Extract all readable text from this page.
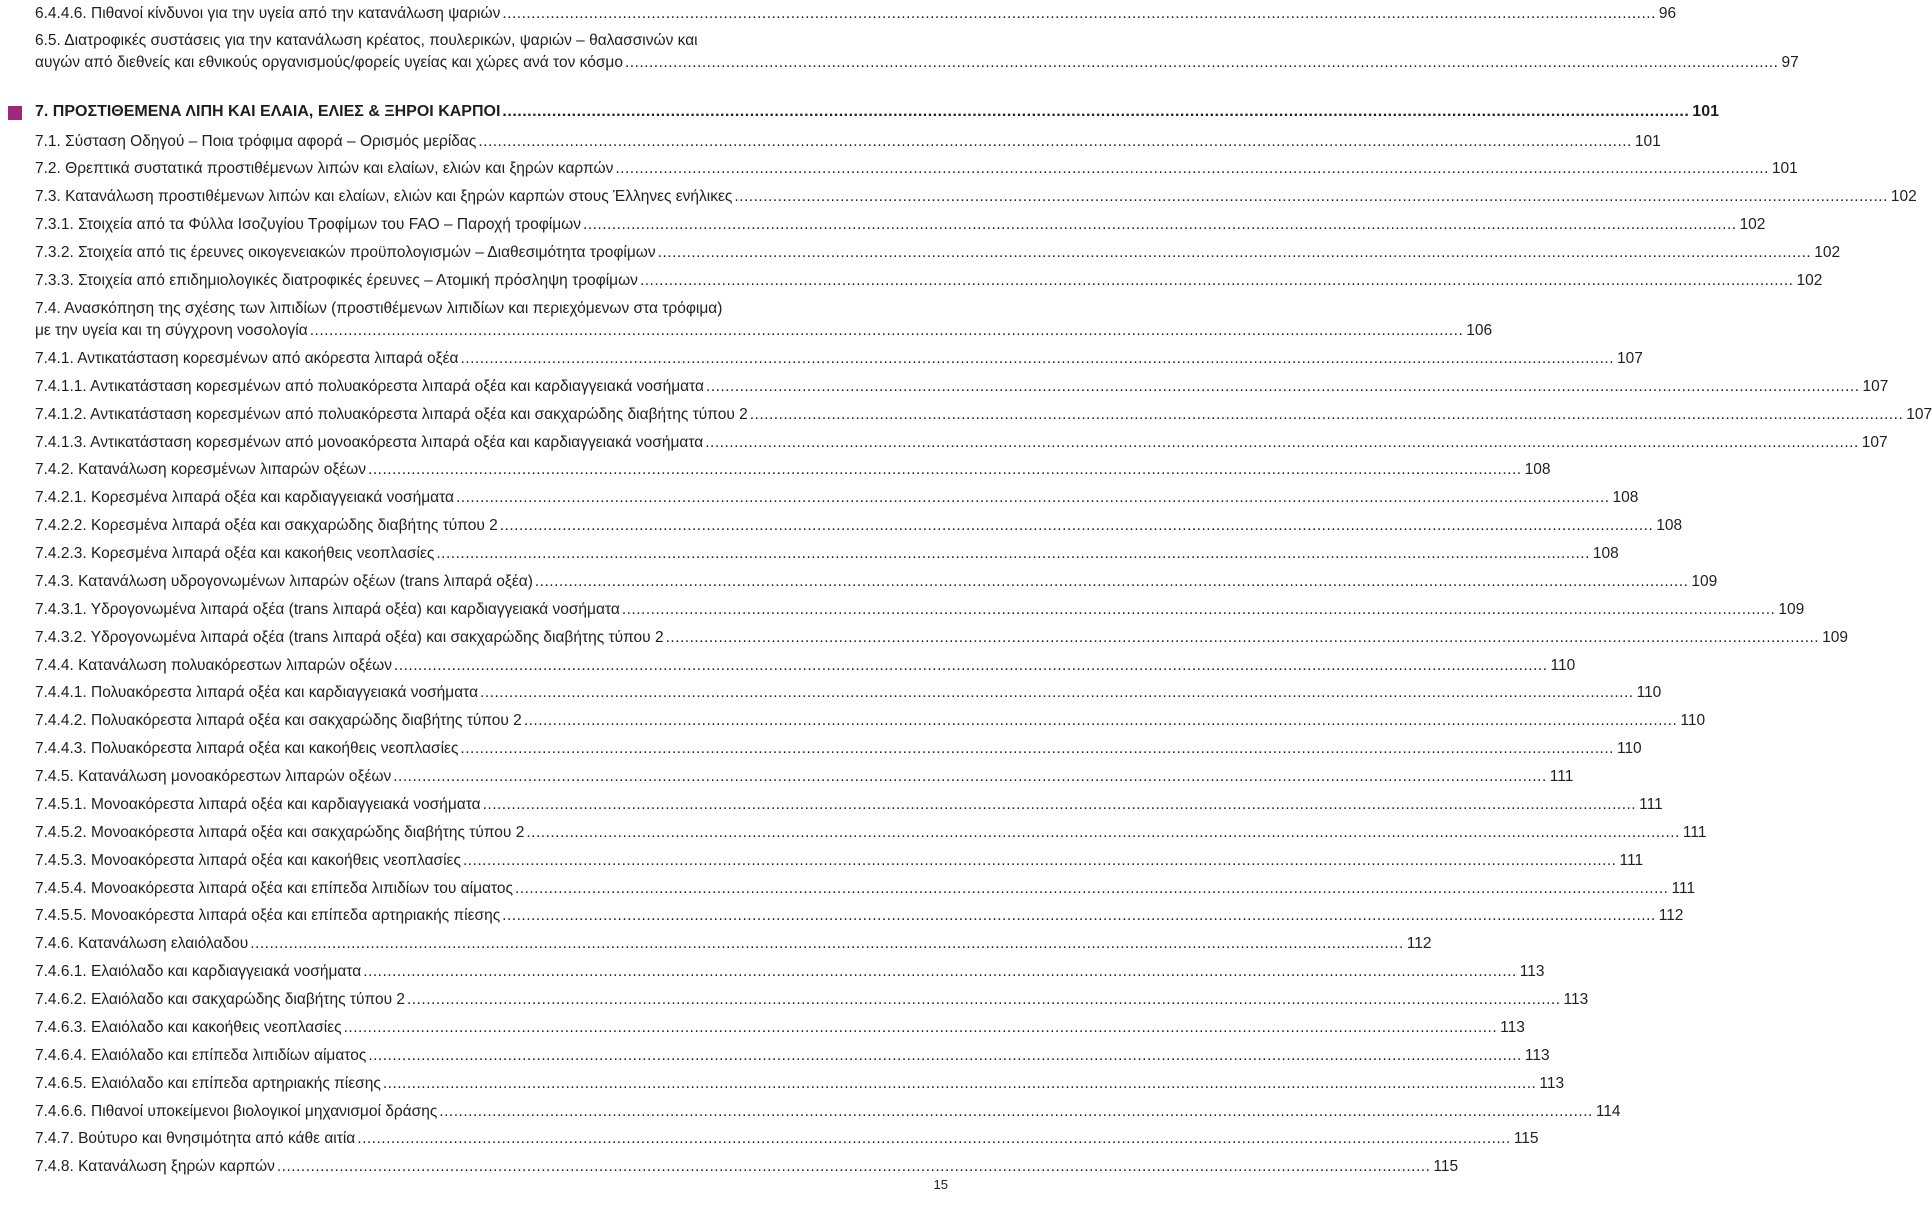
6.4.4.6. Πιθανοί κίνδυνοι για την υγεία από την κατανάλωση ψαριών .....	96
6.5. Διατροφικές συστάσεις για την κατανάλωση κρέατος, πουλερικών, ψαριών – θαλασσινών και
αυγών από διεθνείς και εθνικούς οργανισμούς/φορείς υγείας και χώρες ανά τον κόσμο .....	97
7. ΠΡΟΣΤΙΘΕΜΕΝΑ ΛΙΠΗ ΚΑΙ ΕΛΑΙΑ, ΕΛΙΕΣ & ΞΗΡΟΙ ΚΑΡΠΟΙ .....	101
7.1. Σύσταση Οδηγού – Ποια τρόφιμα αφορά – Ορισμός μερίδας .....	101
7.2. Θρεπτικά συστατικά προστιθέμενων λιπών και ελαίων, ελιών και ξηρών καρπών .....	101
7.3. Κατανάλωση προστιθέμενων λιπών και ελαίων, ελιών και ξηρών καρπών στους Έλληνες ενήλικες .....	102
7.3.1. Στοιχεία από τα Φύλλα Ισοζυγίου Τροφίμων του FAO – Παροχή τροφίμων .....	102
7.3.2. Στοιχεία από τις έρευνες οικογενειακών προϋπολογισμών – Διαθεσιμότητα τροφίμων .....	102
7.3.3. Στοιχεία από επιδημιολογικές διατροφικές έρευνες – Ατομική πρόσληψη τροφίμων .....	102
7.4. Ανασκόπηση της σχέσης των λιπιδίων (προστιθέμενων λιπιδίων και περιεχόμενων στα τρόφιμα)
με την υγεία και τη σύγχρονη νοσολογία .....	106
7.4.1. Αντικατάσταση κορεσμένων από ακόρεστα λιπαρά οξέα .....	107
7.4.1.1. Αντικατάσταση κορεσμένων από πολυακόρεστα λιπαρά οξέα και καρδιαγγειακά νοσήματα .....	107
7.4.1.2. Αντικατάσταση κορεσμένων από πολυακόρεστα λιπαρά οξέα και σακχαρώδης διαβήτης τύπου 2 .....	107
7.4.1.3. Αντικατάσταση κορεσμένων από μονοακόρεστα λιπαρά οξέα και καρδιαγγειακά νοσήματα .....	107
7.4.2. Κατανάλωση κορεσμένων λιπαρών οξέων .....	108
7.4.2.1. Κορεσμένα λιπαρά οξέα και καρδιαγγειακά νοσήματα .....	108
7.4.2.2. Κορεσμένα λιπαρά οξέα και σακχαρώδης διαβήτης τύπου 2 .....	108
7.4.2.3. Κορεσμένα λιπαρά οξέα και κακοήθεις νεοπλασίες .....	108
7.4.3. Κατανάλωση υδρογονωμένων λιπαρών οξέων (trans λιπαρά οξέα) .....	109
7.4.3.1. Υδρογονωμένα λιπαρά οξέα (trans λιπαρά οξέα) και καρδιαγγειακά νοσήματα .....	109
7.4.3.2. Υδρογονωμένα λιπαρά οξέα (trans λιπαρά οξέα) και σακχαρώδης διαβήτης τύπου 2 .....	109
7.4.4. Κατανάλωση πολυακόρεστων λιπαρών οξέων .....	110
7.4.4.1. Πολυακόρεστα λιπαρά οξέα και καρδιαγγειακά νοσήματα .....	110
7.4.4.2. Πολυακόρεστα λιπαρά οξέα και σακχαρώδης διαβήτης τύπου 2 .....	110
7.4.4.3. Πολυακόρεστα λιπαρά οξέα και κακοήθεις νεοπλασίες .....	110
7.4.5. Κατανάλωση μονοακόρεστων λιπαρών οξέων .....	111
7.4.5.1. Μονοακόρεστα λιπαρά οξέα και καρδιαγγειακά νοσήματα .....	111
7.4.5.2. Μονοακόρεστα λιπαρά οξέα και σακχαρώδης διαβήτης τύπου 2 .....	111
7.4.5.3. Μονοακόρεστα λιπαρά οξέα και κακοήθεις νεοπλασίες .....	111
7.4.5.4. Μονοακόρεστα λιπαρά οξέα και επίπεδα λιπιδίων του αίματος .....	111
7.4.5.5. Μονοακόρεστα λιπαρά οξέα και επίπεδα αρτηριακής πίεσης .....	112
7.4.6. Κατανάλωση ελαιόλαδου .....	112
7.4.6.1. Ελαιόλαδο και καρδιαγγειακά νοσήματα .....	113
7.4.6.2. Ελαιόλαδο και σακχαρώδης διαβήτης τύπου 2 .....	113
7.4.6.3. Ελαιόλαδο και κακοήθεις νεοπλασίες .....	113
7.4.6.4. Ελαιόλαδο και επίπεδα λιπιδίων αίματος .....	113
7.4.6.5. Ελαιόλαδο και επίπεδα αρτηριακής πίεσης .....	113
7.4.6.6. Πιθανοί υποκείμενοι βιολογικοί μηχανισμοί δράσης .....	114
7.4.7. Βούτυρο και θνησιμότητα από κάθε αιτία .....	115
7.4.8. Κατανάλωση ξηρών καρπών .....	115
15
